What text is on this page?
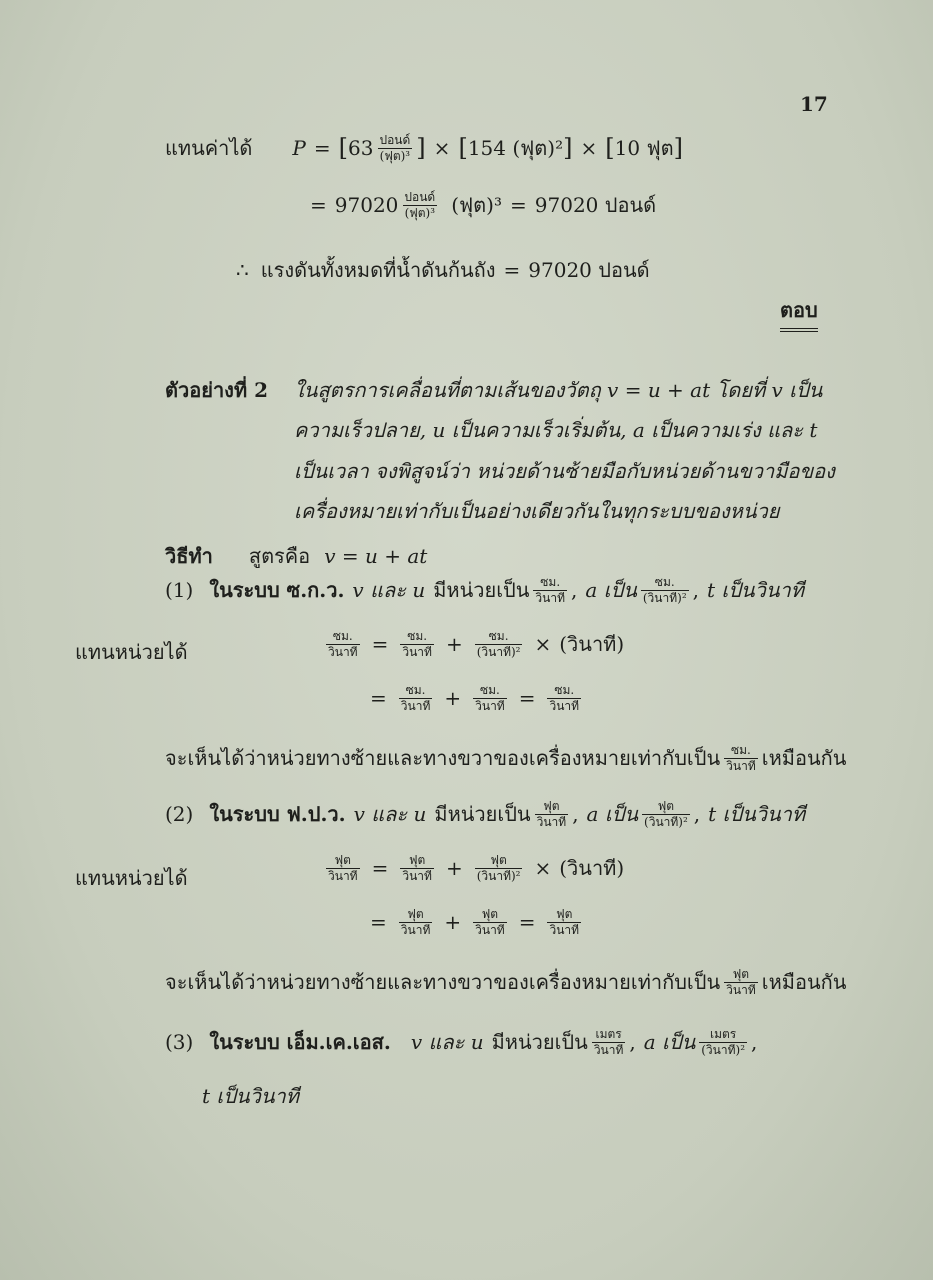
17
แทนค่าได้ P = [ $63 \frac{\text{ปอนด์}}{\text{(ฟุต)³}}$ ] × [ 154 (ฟุต)² ] × [ 10 ฟุต ]
= $97020 \frac{\text{ปอนด์}}{\text{(ฟุต)³}}$ (ฟุต)³ = 97020 ปอนด์
∴ แรงดันทั้งหมดที่น้ำดันก้นถัง = 97020 ปอนด์
ตอบ
ตัวอย่างที่ 2 ในสูตรการเคลื่อนที่ตามเส้นของวัตถุ v = u + at โดยที่ v เป็น
ความเร็วปลาย, u เป็นความเร็วเริ่มต้น, a เป็นความเร่ง และ t
เป็นเวลา จงพิสูจน์ว่า หน่วยด้านซ้ายมือกับหน่วยด้านขวามือของ
เครื่องหมายเท่ากับเป็นอย่างเดียวกันในทุกระบบของหน่วย
วิธีทำ สูตรคือ v = u + at
(1) ในระบบ ซ.ก.ว. v และ u มีหน่วยเป็น $\frac{\text{ซม.}}{\text{วินาที}}$ , a เป็น $\frac{\text{ซม.}}{\text{(วินาที)²}}$ , t เป็นวินาที
แทนหน่วยได้	$\frac{\text{ซม.}}{\text{วินาที}} = \frac{\text{ซม.}}{\text{วินาที}} + \frac{\text{ซม.}}{\text{(วินาที)²}}$ × (วินาที)
= $\frac{\text{ซม.}}{\text{วินาที}} + \frac{\text{ซม.}}{\text{วินาที}} = \frac{\text{ซม.}}{\text{วินาที}}$
จะเห็นได้ว่าหน่วยทางซ้ายและทางขวาของเครื่องหมายเท่ากับเป็น $\frac{\text{ซม.}}{\text{วินาที}}$ เหมือนกัน
(2) ในระบบ ฟ.ป.ว. v และ u มีหน่วยเป็น $\frac{\text{ฟุต}}{\text{วินาที}}$ , a เป็น $\frac{\text{ฟุต}}{\text{(วินาที)²}}$ , t เป็นวินาที
แทนหน่วยได้	$\frac{\text{ฟุต}}{\text{วินาที}} = \frac{\text{ฟุต}}{\text{วินาที}} + \frac{\text{ฟุต}}{\text{(วินาที)²}}$ × (วินาที)
= $\frac{\text{ฟุต}}{\text{วินาที}} + \frac{\text{ฟุต}}{\text{วินาที}} = \frac{\text{ฟุต}}{\text{วินาที}}$
จะเห็นได้ว่าหน่วยทางซ้ายและทางขวาของเครื่องหมายเท่ากับเป็น $\frac{\text{ฟุต}}{\text{วินาที}}$ เหมือนกัน
(3) ในระบบ เอ็ม.เค.เอส. v และ u มีหน่วยเป็น $\frac{\text{เมตร}}{\text{วินาที}}$ , a เป็น $\frac{\text{เมตร}}{\text{(วินาที)²}}$ ,
t เป็นวินาที
